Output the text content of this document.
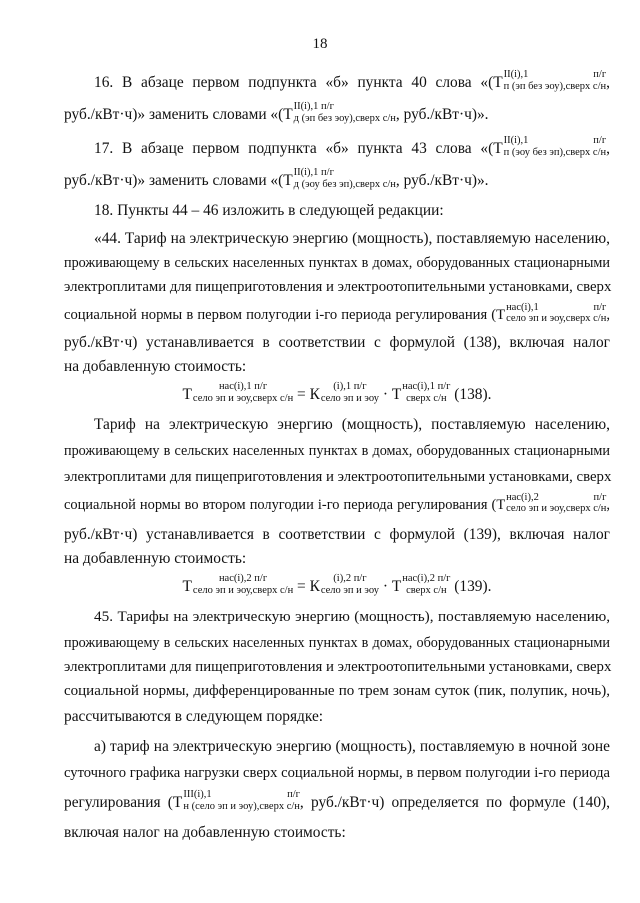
18
16. В абзаце первом подпункта «б» пункта 40 слова «(Т II(i),1 п/г
п (эп без эоу),сверх с/н ,
руб./кВт·ч)» заменить словами «(Т II(i),1 п/г
д (эп без эоу),сверх с/н , руб./кВт·ч)».
17. В абзаце первом подпункта «б» пункта 43 слова «(Т II(i),1 п/г
п (эоу без эп),сверх с/н ,
руб./кВт·ч)» заменить словами «(Т II(i),1 п/г
д (эоу без эп),сверх с/н , руб./кВт·ч)».
18. Пункты 44 – 46 изложить в следующей редакции:
«44. Тариф на электрическую энергию (мощность), поставляемую населению,
проживающему в сельских населенных пунктах в домах, оборудованных стационарными
электроплитами для пищеприготовления и электроотопительными установками, сверх
социальной нормы в первом полугодии i-го периода регулирования (Т нас(i),1 п/г
село эп и эоу,сверх с/н ,
руб./кВт·ч) устанавливается в соответствии с формулой (138), включая налог
на добавленную стоимость:
Т	нас(i),1 п/г
село эп и эоу,сверх с/н = К	(i),1 п/г
село эп и эоу · Т нас(i),1 п/г
сверх с/н (138).
Тариф на электрическую энергию (мощность), поставляемую населению,
проживающему в сельских населенных пунктах в домах, оборудованных стационарными
электроплитами для пищеприготовления и электроотопительными установками, сверх
социальной нормы во втором полугодии i-го периода регулирования (Т нас(i),2 п/г
село эп и эоу,сверх с/н ,
руб./кВт·ч) устанавливается в соответствии с формулой (139), включая налог
на добавленную стоимость:
Т	нас(i),2 п/г
село эп и эоу,сверх с/н = К	(i),2 п/г
село эп и эоу · Т нас(i),2 п/г
сверх с/н (139).
45. Тарифы на электрическую энергию (мощность), поставляемую населению,
проживающему в сельских населенных пунктах в домах, оборудованных стационарными
электроплитами для пищеприготовления и электроотопительными установками, сверх
социальной нормы, дифференцированные по трем зонам суток (пик, полупик, ночь),
рассчитываются в следующем порядке:
а) тариф на электрическую энергию (мощность), поставляемую в ночной зоне
суточного графика нагрузки сверх социальной нормы, в первом полугодии i-го периода
регулирования (Т III(i),1 п/г
н (село эп и эоу),сверх с/н , руб./кВт·ч) определяется по формуле (140),
включая налог на добавленную стоимость:
